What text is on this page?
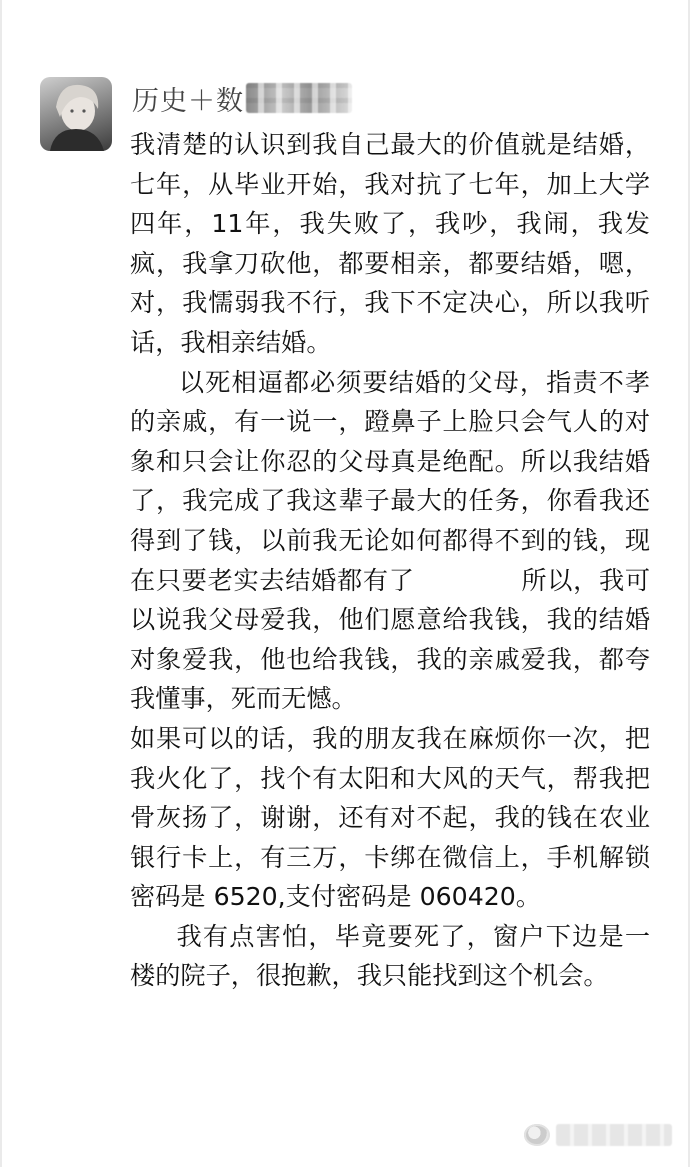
历史＋数

我清楚的认识到我自己最大的价值就是结婚，七年，从毕业开始，我对抗了七年，加上大学四年，11年，我失败了，我吵，我闹，我发疯，我拿刀砍他，都要相亲，都要结婚，嗯，对，我懦弱我不行，我下不定决心，所以我听话，我相亲结婚。

以死相逼都必须要结婚的父母，指责不孝的亲戚，有一说一，蹬鼻子上脸只会气人的对象和只会让你忍的父母真是绝配。所以我结婚了，我完成了我这辈子最大的任务，你看我还得到了钱，以前我无论如何都得不到的钱，现在只要老实去结婚都有了	所以，我可以说我父母爱我，他们愿意给我钱，我的结婚对象爱我，他也给我钱，我的亲戚爱我，都夸我懂事，死而无憾。

如果可以的话，我的朋友我在麻烦你一次，把我火化了，找个有太阳和大风的天气，帮我把骨灰扬了，谢谢，还有对不起，我的钱在农业银行卡上，有三万，卡绑在微信上，手机解锁密码是 6520,支付密码是 060420。

我有点害怕，毕竟要死了，窗户下边是一楼的院子，很抱歉，我只能找到这个机会。
